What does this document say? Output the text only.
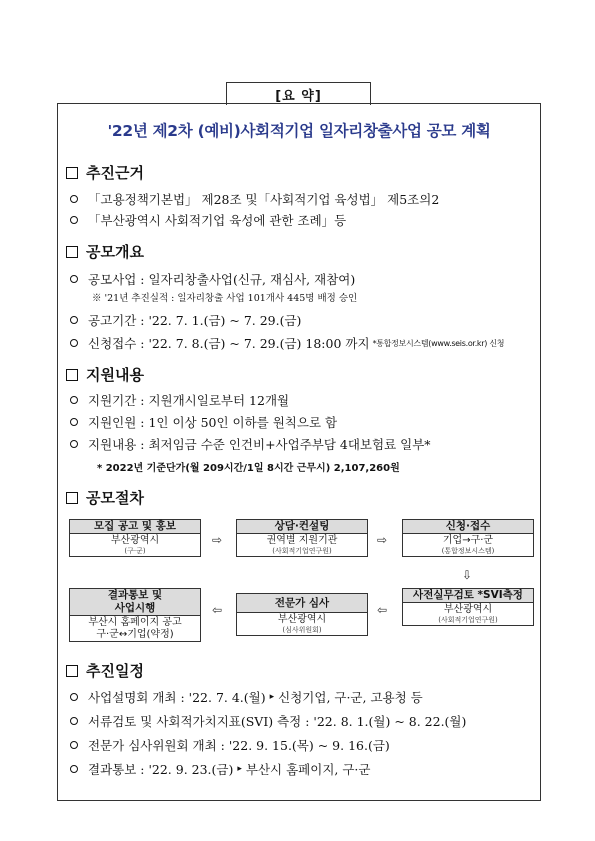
[요 약]
'22년 제2차 (예비)사회적기업 일자리창출사업 공모 계획
추진근거
「고용정책기본법」 제28조 및「사회적기업 육성법」 제5조의2
「부산광역시 사회적기업 육성에 관한 조례」등
공모개요
공모사업 : 일자리창출사업(신규, 재심사, 재참여)
※ '21년 추진실적 : 일자리창출 사업 101개사 445명 배정 승인
공고기간 : '22. 7. 1.(금) ~ 7. 29.(금)
신청접수 : '22. 7. 8.(금) ~ 7. 29.(금) 18:00 까지 *통합정보시스템(www.seis.or.kr) 신청
지원내용
지원기간 : 지원개시일로부터 12개월
지원인원 : 1인 이상 50인 이하를 원칙으로 함
지원내용 : 최저임금 수준 인건비+사업주부담 4대보험료 일부*
* 2022년 기준단가(월 209시간/1일 8시간 근무시) 2,107,260원
공모절차
모집 공고 및 홍보
부산광역시
(구·군)
⇨
상담·컨설팅
권역별 지원기관
(사회적기업연구원)
⇨
신청·접수
기업→구·군
(통합정보시스템)
⇩
결과통보 및
사업시행
부산시 홈페이지 공고
구·군↔기업(약정)
⇦	전문가 심사
부산광역시
(심사위원회)
⇦
사전실무검토 *SVI측정
부산광역시
(사회적기업연구원)
추진일정
사업설명회 개최 : '22. 7. 4.(월) ▸ 신청기업, 구·군, 고용청 등
서류검토 및 사회적가치지표(SVI) 측정 : '22. 8. 1.(월) ~ 8. 22.(월)
전문가 심사위원회 개최 : '22. 9. 15.(목) ~ 9. 16.(금)
결과통보 : '22. 9. 23.(금) ▸ 부산시 홈페이지, 구·군
